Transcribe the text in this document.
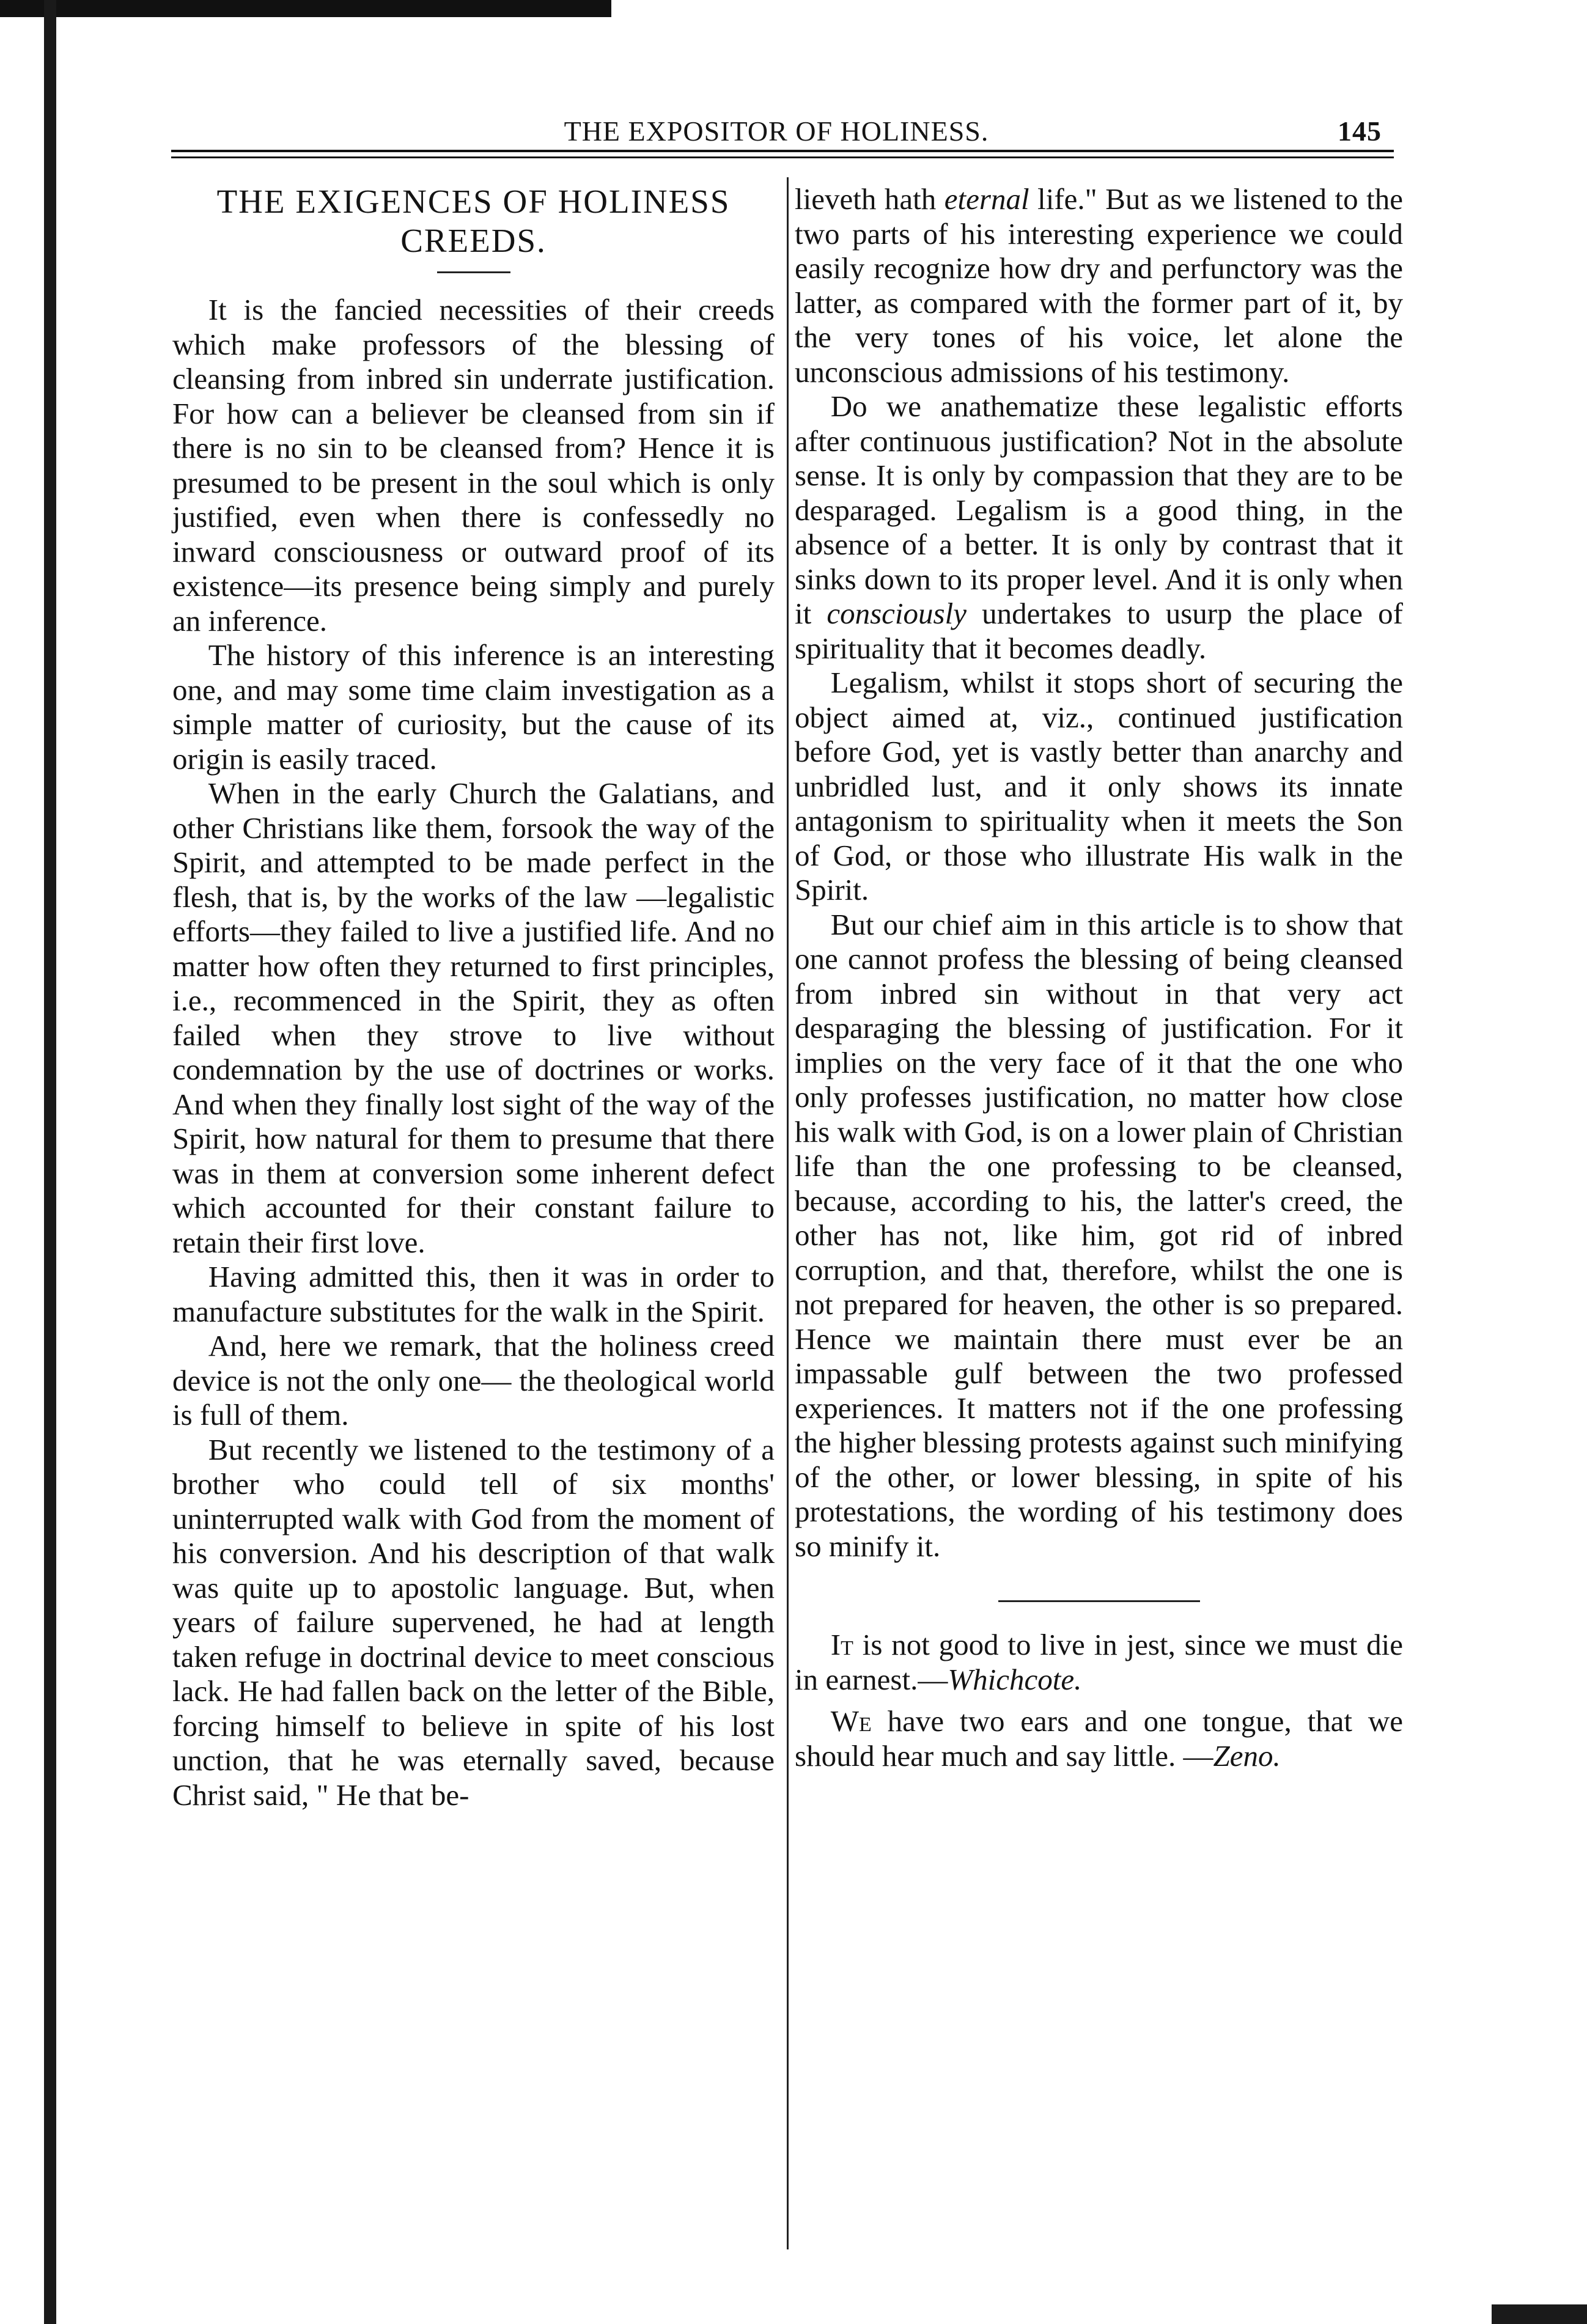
THE EXPOSITOR OF HOLINESS.	145
THE EXIGENCES OF HOLINESS
CREEDS.

It is the fancied necessities of their creeds which make professors of the blessing of cleansing from inbred sin underrate justification. For how can a believer be cleansed from sin if there is no sin to be cleansed from? Hence it is presumed to be present in the soul which is only justified, even when there is confessedly no inward consciousness or outward proof of its existence—its presence being simply and purely an inference.

The history of this inference is an interesting one, and may some time claim investigation as a simple matter of curiosity, but the cause of its origin is easily traced.

When in the early Church the Galatians, and other Christians like them, forsook the way of the Spirit, and attempted to be made perfect in the flesh, that is, by the works of the law —legalistic efforts—they failed to live a justified life. And no matter how often they returned to first principles, i.e., recommenced in the Spirit, they as often failed when they strove to live without condemnation by the use of doctrines or works. And when they finally lost sight of the way of the Spirit, how natural for them to presume that there was in them at conversion some inherent defect which accounted for their constant failure to retain their first love.

Having admitted this, then it was in order to manufacture substitutes for the walk in the Spirit.

And, here we remark, that the holiness creed device is not the only one— the theological world is full of them.

But recently we listened to the testimony of a brother who could tell of six months' uninterrupted walk with God from the moment of his conversion. And his description of that walk was quite up to apostolic language. But, when years of failure supervened, he had at length taken refuge in doctrinal device to meet conscious lack. He had fallen back on the letter of the Bible, forcing himself to believe in spite of his lost unction, that he was eternally saved, because Christ said, " He that be-

lieveth hath eternal life." But as we listened to the two parts of his interesting experience we could easily recognize how dry and perfunctory was the latter, as compared with the former part of it, by the very tones of his voice, let alone the unconscious admissions of his testimony.

Do we anathematize these legalistic efforts after continuous justification? Not in the absolute sense. It is only by compassion that they are to be desparaged. Legalism is a good thing, in the absence of a better. It is only by contrast that it sinks down to its proper level. And it is only when it consciously undertakes to usurp the place of spirituality that it becomes deadly.

Legalism, whilst it stops short of securing the object aimed at, viz., continued justification before God, yet is vastly better than anarchy and unbridled lust, and it only shows its innate antagonism to spirituality when it meets the Son of God, or those who illustrate His walk in the Spirit.

But our chief aim in this article is to show that one cannot profess the blessing of being cleansed from inbred sin without in that very act desparaging the blessing of justification. For it implies on the very face of it that the one who only professes justification, no matter how close his walk with God, is on a lower plain of Christian life than the one professing to be cleansed, because, according to his, the latter's creed, the other has not, like him, got rid of inbred corruption, and that, therefore, whilst the one is not prepared for heaven, the other is so prepared. Hence we maintain there must ever be an impassable gulf between the two professed experiences. It matters not if the one professing the higher blessing protests against such minifying of the other, or lower blessing, in spite of his protestations, the wording of his testimony does so minify it.

It is not good to live in jest, since we must die in earnest.—Whichcote.

We have two ears and one tongue, that we should hear much and say little. —Zeno.
